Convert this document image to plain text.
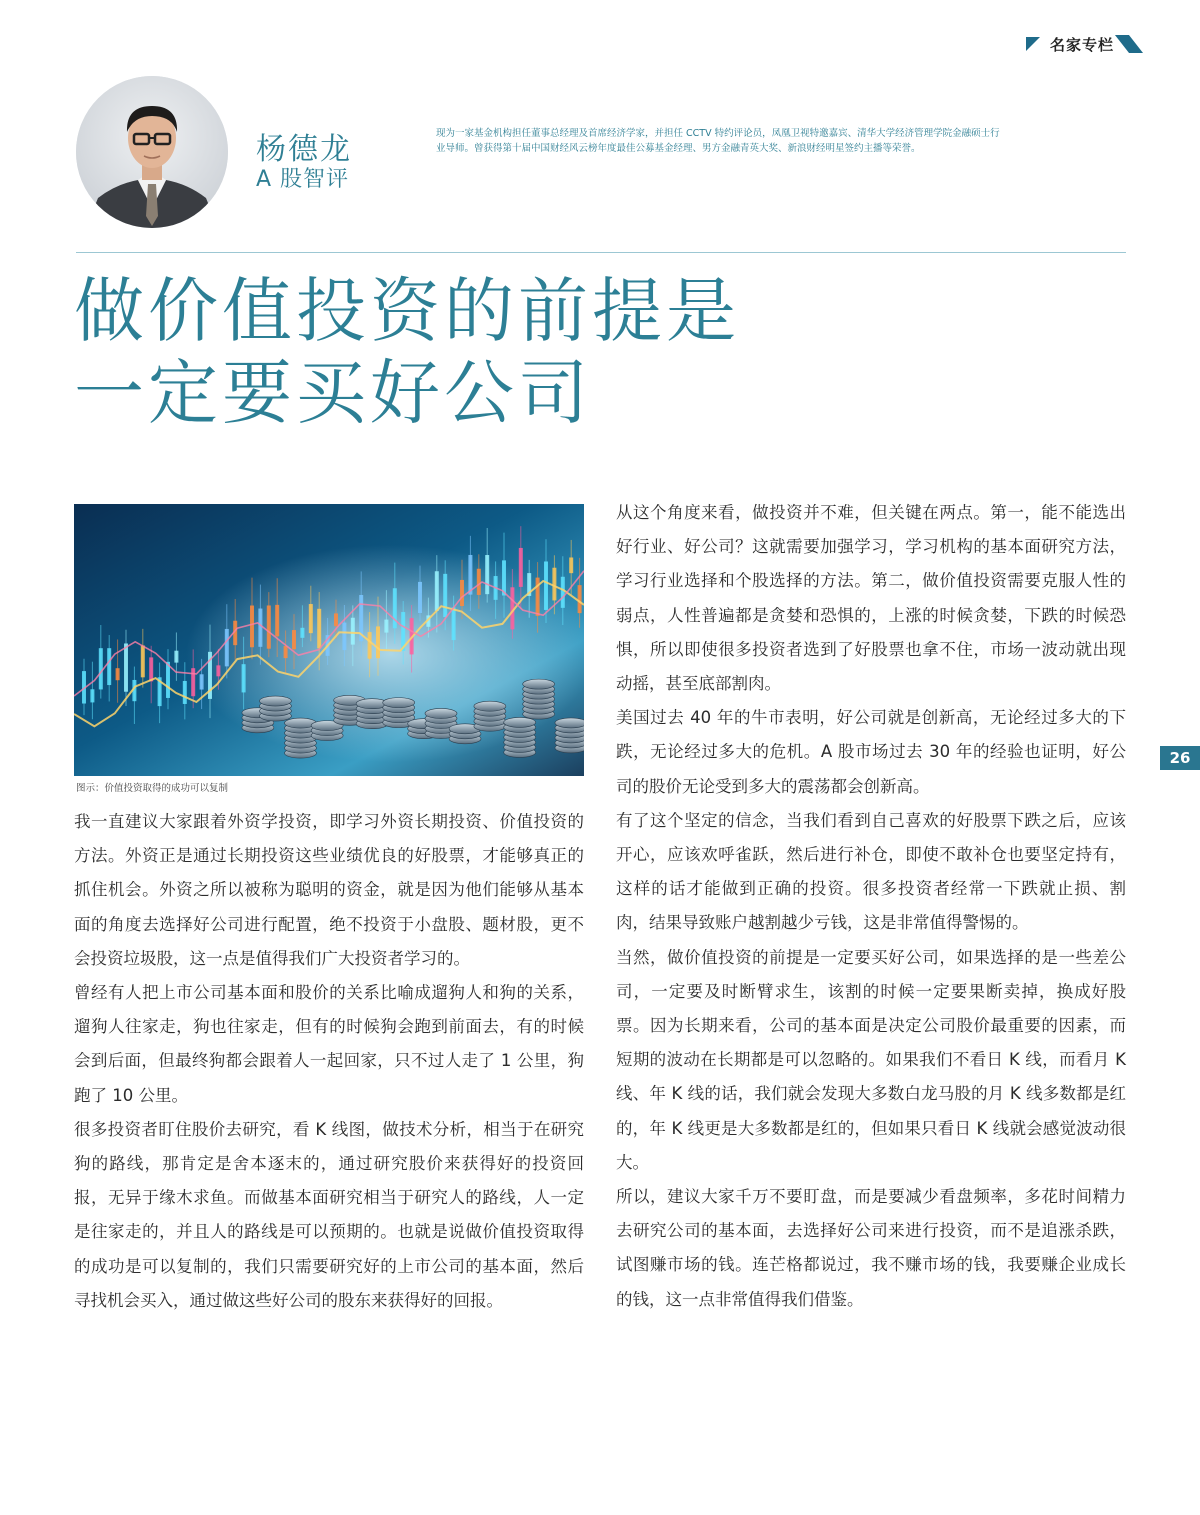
名家专栏
杨德龙
A 股智评
现为一家基金机构担任董事总经理及首席经济学家，并担任 CCTV 特约评论员，凤凰卫视特邀嘉宾、清华大学经济管理学院金融硕士行业导师。曾获得第十届中国财经风云榜年度最佳公募基金经理、男方金融青英大奖、新浪财经明星签约主播等荣誉。
做价值投资的前提是
一定要买好公司
图示：价值投资取得的成功可以复制

我一直建议大家跟着外资学投资，即学习外资长期投资、价值投资的方法。外资正是通过长期投资这些业绩优良的好股票，才能够真正的抓住机会。外资之所以被称为聪明的资金，就是因为他们能够从基本面的角度去选择好公司进行配置，绝不投资于小盘股、题材股，更不会投资垃圾股，这一点是值得我们广大投资者学习的。

曾经有人把上市公司基本面和股价的关系比喻成遛狗人和狗的关系，遛狗人往家走，狗也往家走，但有的时候狗会跑到前面去，有的时候会到后面，但最终狗都会跟着人一起回家，只不过人走了 1 公里，狗跑了 10 公里。

很多投资者盯住股价去研究，看 K 线图，做技术分析，相当于在研究狗的路线，那肯定是舍本逐末的，通过研究股价来获得好的投资回报，无异于缘木求鱼。而做基本面研究相当于研究人的路线，人一定是往家走的，并且人的路线是可以预期的。也就是说做价值投资取得的成功是可以复制的，我们只需要研究好的上市公司的基本面，然后寻找机会买入，通过做这些好公司的股东来获得好的回报。

从这个角度来看，做投资并不难，但关键在两点。第一，能不能选出好行业、好公司？这就需要加强学习，学习机构的基本面研究方法，学习行业选择和个股选择的方法。第二，做价值投资需要克服人性的弱点，人性普遍都是贪婪和恐惧的，上涨的时候贪婪，下跌的时候恐惧，所以即使很多投资者选到了好股票也拿不住，市场一波动就出现动摇，甚至底部割肉。

美国过去 40 年的牛市表明，好公司就是创新高，无论经过多大的下跌，无论经过多大的危机。A 股市场过去 30 年的经验也证明，好公司的股价无论受到多大的震荡都会创新高。

有了这个坚定的信念，当我们看到自己喜欢的好股票下跌之后，应该开心，应该欢呼雀跃，然后进行补仓，即使不敢补仓也要坚定持有，这样的话才能做到正确的投资。很多投资者经常一下跌就止损、割肉，结果导致账户越割越少亏钱，这是非常值得警惕的。

当然，做价值投资的前提是一定要买好公司，如果选择的是一些差公司，一定要及时断臂求生，该割的时候一定要果断卖掉，换成好股票。因为长期来看，公司的基本面是决定公司股价最重要的因素，而短期的波动在长期都是可以忽略的。如果我们不看日 K 线，而看月 K 线、年 K 线的话，我们就会发现大多数白龙马股的月 K 线多数都是红的，年 K 线更是大多数都是红的，但如果只看日 K 线就会感觉波动很大。

所以，建议大家千万不要盯盘，而是要减少看盘频率，多花时间精力去研究公司的基本面，去选择好公司来进行投资，而不是追涨杀跌，试图赚市场的钱。连芒格都说过，我不赚市场的钱，我要赚企业成长的钱，这一点非常值得我们借鉴。

26
